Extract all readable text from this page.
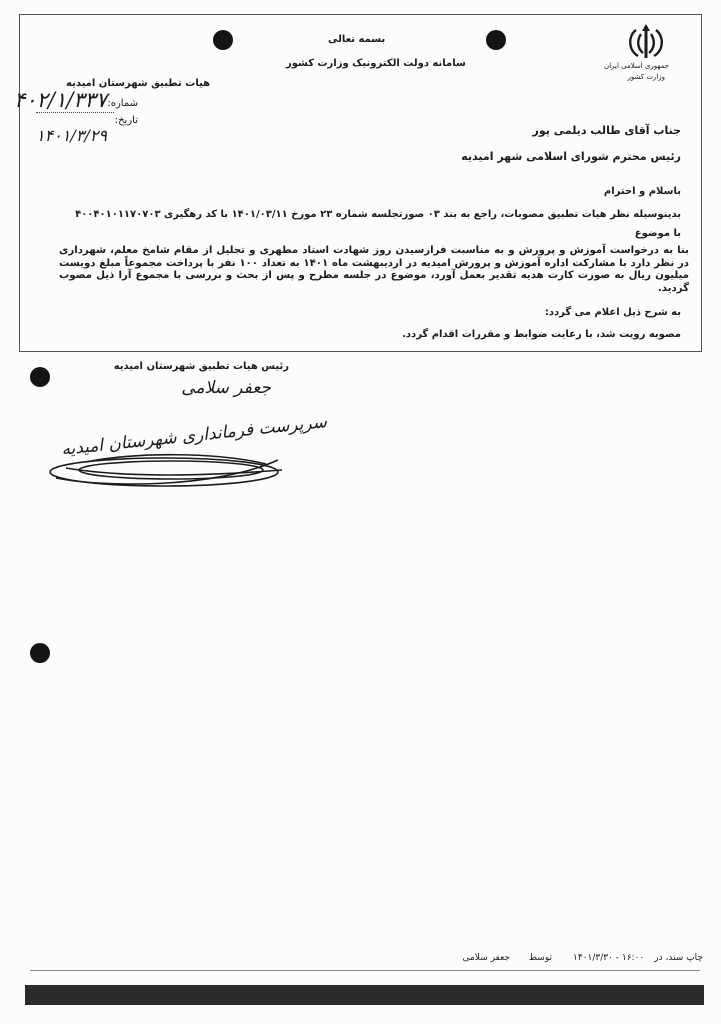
جمهوری اسلامی ایران
وزارت کشور
بسمه تعالی
سامانه دولت الکترونیک وزارت کشور
هیات تطبیق شهرستان امیدیه
۴۰۲/۱/۳۳۷ شماره:
تاریخ:
۱۴۰۱/۳/۲۹	جناب آقای طالب دیلمی پور
رئیس محترم شورای اسلامی شهر امیدیه
باسلام و احترام
بدینوسیله نظر هیات تطبیق مصوبات، راجع به بند ۰۳ صورتجلسه شماره ۲۳ مورخ ۱۴۰۱/۰۳/۱۱ با کد رهگیری ۴۰۰۴۰۱۰۱۱۷۰۷۰۳
با موضوع
بنا به درخواست آموزش و پرورش و به مناسبت فرارسیدن روز شهادت استاد مطهری و تجلیل از مقام شامخ معلم، شهرداری در نظر دارد با مشارکت اداره آموزش و پرورش امیدیه در اردیبهشت ماه ۱۴۰۱ به تعداد ۱۰۰ نفر با پرداخت مجموعاً مبلغ دویست میلیون ریال به صورت کارت هدیه تقدیر بعمل آورد، موضوع در جلسه مطرح و پس از بحث و بررسی با مجموع آرا ذیل مصوب گردید.
به شرح ذیل اعلام می گردد:
مصوبه رویت شد، با رعایت ضوابط و مقررات اقدام گردد.
رئیس هیات تطبیق شهرستان امیدیه
جعفر سلامی
سرپرست فرمانداری شهرستان امیدیه
چاپ سند، در
۱۶:۰۰ - ۱۴۰۱/۳/۳۰
توسط
جعفر سلامی
